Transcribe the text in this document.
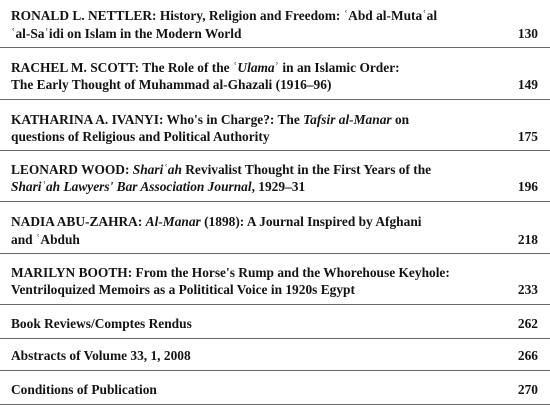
RONALD L. NETTLER: History, Religion and Freedom: ʿAbd al-Mutaʿal
ʿal-Saʿidi on Islam in the Modern World	130
RACHEL M. SCOTT: The Role of the ʿUlamaʾ in an Islamic Order:
The Early Thought of Muhammad al-Ghazali (1916–96)	149
KATHARINA A. IVANYI: Who's in Charge?: The Tafsir al-Manar on
questions of Religious and Political Authority	175
LEONARD WOOD: Shariʿah Revivalist Thought in the First Years of the
Shariʿah Lawyers' Bar Association Journal, 1929–31	196
NADIA ABU-ZAHRA: Al-Manar (1898): A Journal Inspired by Afghani
and ʿAbduh	218
MARILYN BOOTH: From the Horse's Rump and the Whorehouse Keyhole:
Ventriloquized Memoirs as a Polititical Voice in 1920s Egypt	233
Book Reviews/Comptes Rendus	262
Abstracts of Volume 33, 1, 2008	266
Conditions of Publication	270
